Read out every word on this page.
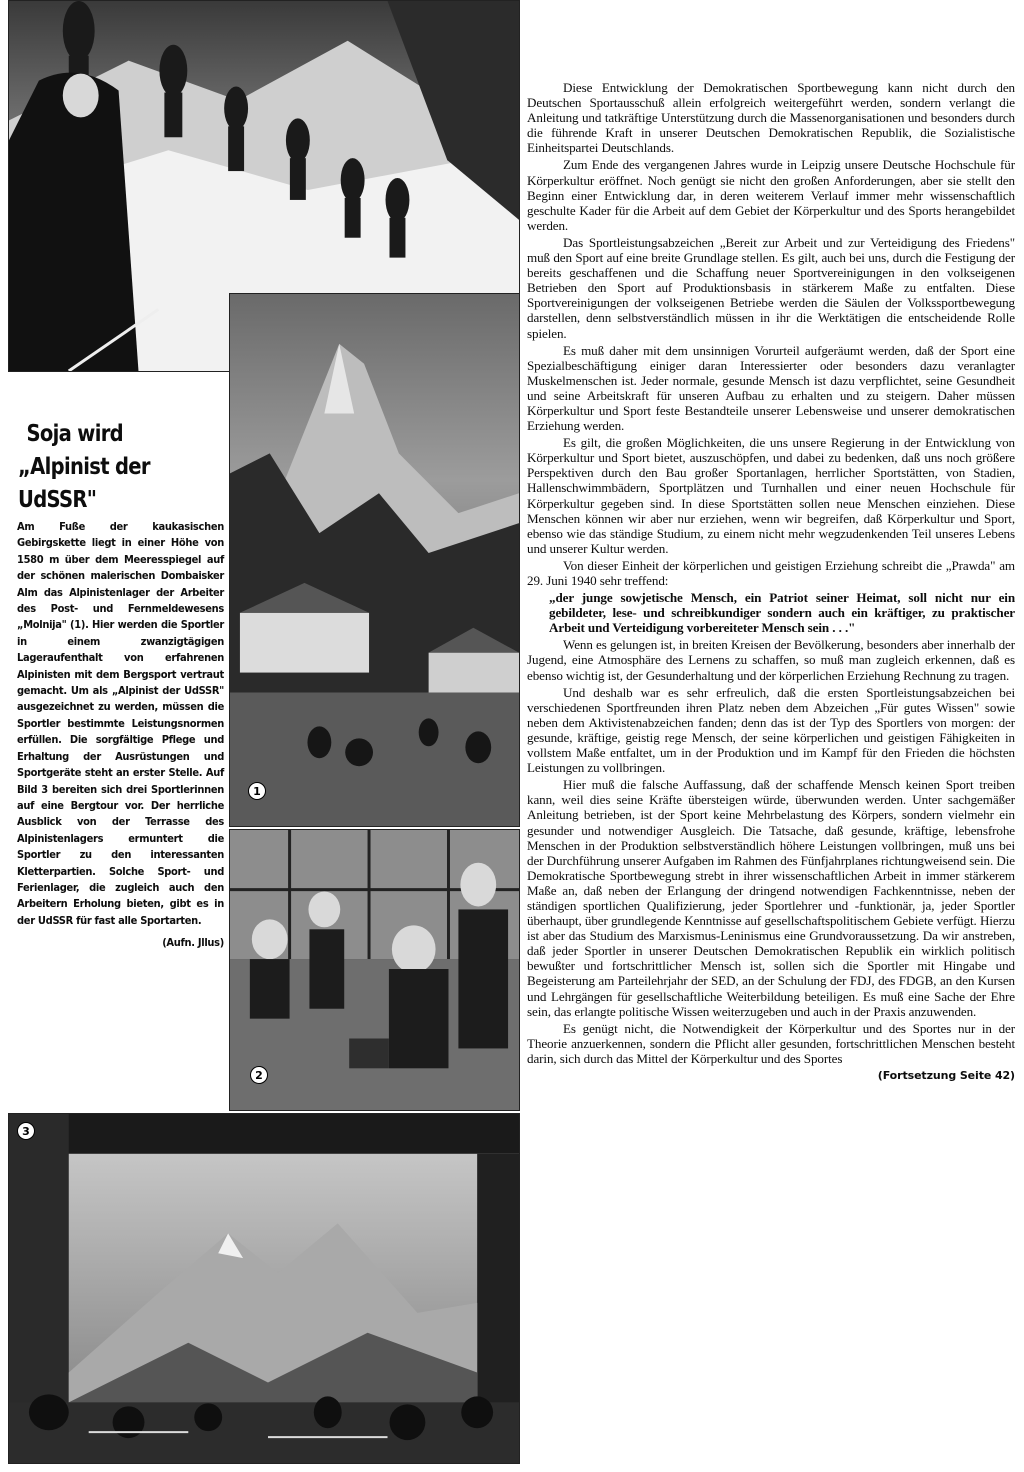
1
2
3
Soja wird
„Alpinist der UdSSR"
Am Fuße der kaukasischen Gebirgskette liegt in einer Höhe von 1580 m über dem Meeresspiegel auf der schönen malerischen Dombaisker Alm das Alpinistenlager der Arbeiter des Post- und Fernmeldewesens „Molnija" (1). Hier werden die Sportler in einem zwanzigtägigen Lageraufenthalt von erfahrenen Alpinisten mit dem Bergsport vertraut gemacht. Um als „Alpinist der UdSSR" ausgezeichnet zu werden, müssen die Sportler bestimmte Leistungsnormen erfüllen. Die sorgfältige Pflege und Erhaltung der Ausrüstungen und Sportgeräte steht an erster Stelle. Auf Bild 3 bereiten sich drei Sportlerinnen auf eine Bergtour vor. Der herrliche Ausblick von der Terrasse des Alpinistenlagers ermuntert die Sportler zu den interessanten Kletterpartien. Solche Sport- und Ferienlager, die zugleich auch den Arbeitern Erholung bieten, gibt es in der UdSSR für fast alle Sportarten.
(Aufn. Jllus)

Diese Entwicklung der Demokratischen Sportbewegung kann nicht durch den Deutschen Sportausschuß allein erfolgreich weitergeführt werden, sondern verlangt die Anleitung und tatkräftige Unterstützung durch die Massenorganisationen und besonders durch die führende Kraft in unserer Deutschen Demokratischen Republik, die Sozialistische Einheitspartei Deutschlands.

Zum Ende des vergangenen Jahres wurde in Leipzig unsere Deutsche Hochschule für Körperkultur eröffnet. Noch genügt sie nicht den großen Anforderungen, aber sie stellt den Beginn einer Entwicklung dar, in deren weiterem Verlauf immer mehr wissenschaftlich geschulte Kader für die Arbeit auf dem Gebiet der Körperkultur und des Sports herangebildet werden.

Das Sportleistungsabzeichen „Bereit zur Arbeit und zur Verteidigung des Friedens" muß den Sport auf eine breite Grundlage stellen. Es gilt, auch bei uns, durch die Festigung der bereits geschaffenen und die Schaffung neuer Sportvereinigungen in den volkseigenen Betrieben den Sport auf Produktionsbasis in stärkerem Maße zu entfalten. Diese Sportvereinigungen der volkseigenen Betriebe werden die Säulen der Volkssportbewegung darstellen, denn selbstverständlich müssen in ihr die Werktätigen die entscheidende Rolle spielen.

Es muß daher mit dem unsinnigen Vorurteil aufgeräumt werden, daß der Sport eine Spezialbeschäftigung einiger daran Interessierter oder besonders dazu veranlagter Muskelmenschen ist. Jeder normale, gesunde Mensch ist dazu verpflichtet, seine Gesundheit und seine Arbeitskraft für unseren Aufbau zu erhalten und zu steigern. Daher müssen Körperkultur und Sport feste Bestandteile unserer Lebensweise und unserer demokratischen Erziehung werden.

Es gilt, die großen Möglichkeiten, die uns unsere Regierung in der Entwicklung von Körperkultur und Sport bietet, auszuschöpfen, und dabei zu bedenken, daß uns noch größere Perspektiven durch den Bau großer Sportanlagen, herrlicher Sportstätten, von Stadien, Hallenschwimmbädern, Sportplätzen und Turnhallen und einer neuen Hochschule für Körperkultur gegeben sind. In diese Sportstätten sollen neue Menschen einziehen. Diese Menschen können wir aber nur erziehen, wenn wir begreifen, daß Körperkultur und Sport, ebenso wie das ständige Studium, zu einem nicht mehr wegzudenkenden Teil unseres Lebens und unserer Kultur werden.

Von dieser Einheit der körperlichen und geistigen Erziehung schreibt die „Prawda" am 29. Juni 1940 sehr treffend:

„der junge sowjetische Mensch, ein Patriot seiner Heimat, soll nicht nur ein gebildeter, lese- und schreibkundiger sondern auch ein kräftiger, zu praktischer Arbeit und Verteidigung vorbereiteter Mensch sein . . ."

Wenn es gelungen ist, in breiten Kreisen der Bevölkerung, besonders aber innerhalb der Jugend, eine Atmosphäre des Lernens zu schaffen, so muß man zugleich erkennen, daß es ebenso wichtig ist, der Gesunderhaltung und der körperlichen Erziehung Rechnung zu tragen.

Und deshalb war es sehr erfreulich, daß die ersten Sportleistungsabzeichen bei verschiedenen Sportfreunden ihren Platz neben dem Abzeichen „Für gutes Wissen" sowie neben dem Aktivistenabzeichen fanden; denn das ist der Typ des Sportlers von morgen: der gesunde, kräftige, geistig rege Mensch, der seine körperlichen und geistigen Fähigkeiten in vollstem Maße entfaltet, um in der Produktion und im Kampf für den Frieden die höchsten Leistungen zu vollbringen.

Hier muß die falsche Auffassung, daß der schaffende Mensch keinen Sport treiben kann, weil dies seine Kräfte übersteigen würde, überwunden werden. Unter sachgemäßer Anleitung betrieben, ist der Sport keine Mehrbelastung des Körpers, sondern vielmehr ein gesunder und notwendiger Ausgleich. Die Tatsache, daß gesunde, kräftige, lebensfrohe Menschen in der Produktion selbstverständlich höhere Leistungen vollbringen, muß uns bei der Durchführung unserer Aufgaben im Rahmen des Fünfjahrplanes richtungweisend sein. Die Demokratische Sportbewegung strebt in ihrer wissenschaftlichen Arbeit in immer stärkerem Maße an, daß neben der Erlangung der dringend notwendigen Fachkenntnisse, neben der ständigen sportlichen Qualifizierung, jeder Sportlehrer und -funktionär, ja, jeder Sportler überhaupt, über grundlegende Kenntnisse auf gesellschaftspolitischem Gebiete verfügt. Hierzu ist aber das Studium des Marxismus-Leninismus eine Grundvoraussetzung. Da wir anstreben, daß jeder Sportler in unserer Deutschen Demokratischen Republik ein wirklich politisch bewußter und fortschrittlicher Mensch ist, sollen sich die Sportler mit Hingabe und Begeisterung am Parteilehrjahr der SED, an der Schulung der FDJ, des FDGB, an den Kursen und Lehrgängen für gesellschaftliche Weiterbildung beteiligen. Es muß eine Sache der Ehre sein, das erlangte politische Wissen weiterzugeben und auch in der Praxis anzuwenden.

Es genügt nicht, die Notwendigkeit der Körperkultur und des Sportes nur in der Theorie anzuerkennen, sondern die Pflicht aller gesunden, fortschrittlichen Menschen besteht darin, sich durch das Mittel der Körperkultur und des Sportes

(Fortsetzung Seite 42)
